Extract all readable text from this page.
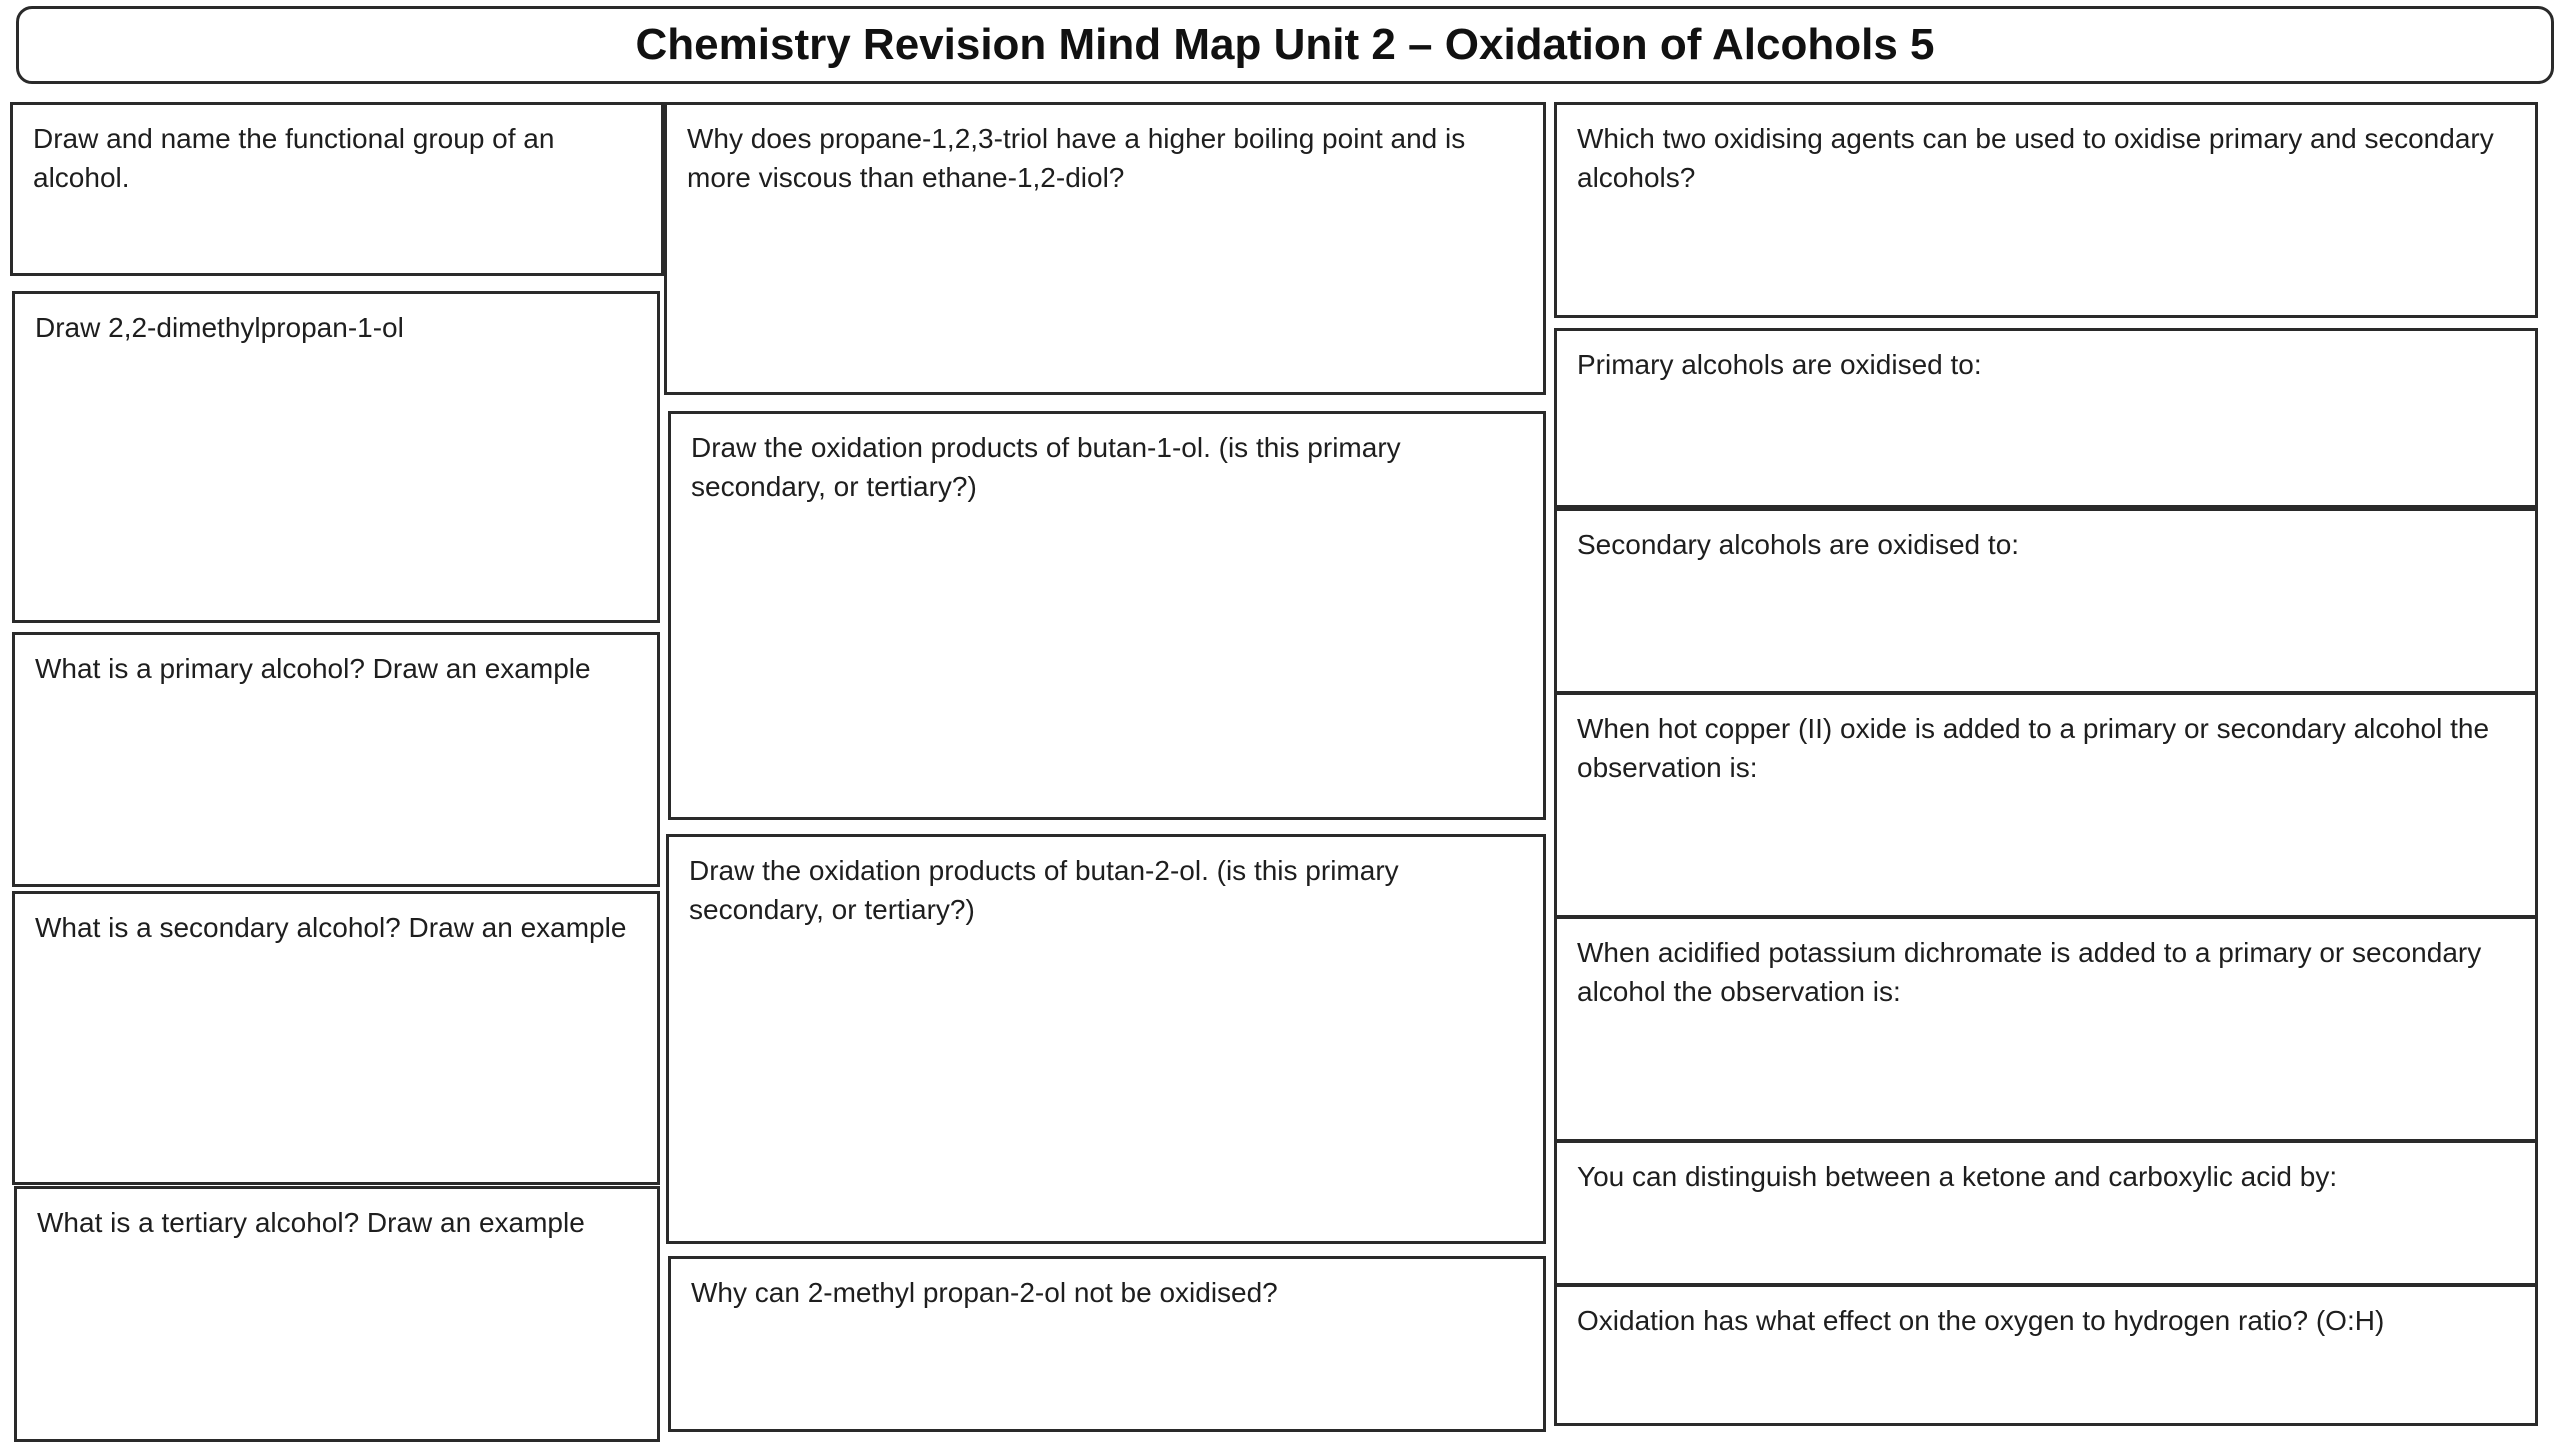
Chemistry Revision Mind Map Unit 2 – Oxidation of Alcohols 5

Draw and name the functional group of an alcohol.

Draw 2,2-dimethylpropan-1-ol

What is a primary alcohol? Draw an example

What is a secondary alcohol? Draw an example

What is a tertiary alcohol? Draw an example

Why does propane-1,2,3-triol have a higher boiling point and is more viscous than ethane-1,2-diol?

Draw the oxidation products of butan-1-ol. (is this primary secondary, or tertiary?)

Draw the oxidation products of butan-2-ol. (is this primary secondary, or tertiary?)

Why can 2-methyl propan-2-ol not be oxidised?

Which two oxidising agents can be used to oxidise primary and secondary alcohols?

Primary alcohols are oxidised to:

Secondary alcohols are oxidised to:

When hot copper (II) oxide is added to a primary or secondary alcohol the observation is:

When acidified potassium dichromate is added to a primary or secondary alcohol the observation is:

You can distinguish between a ketone and carboxylic acid by:

Oxidation has what effect on the oxygen to hydrogen ratio? (O:H)
